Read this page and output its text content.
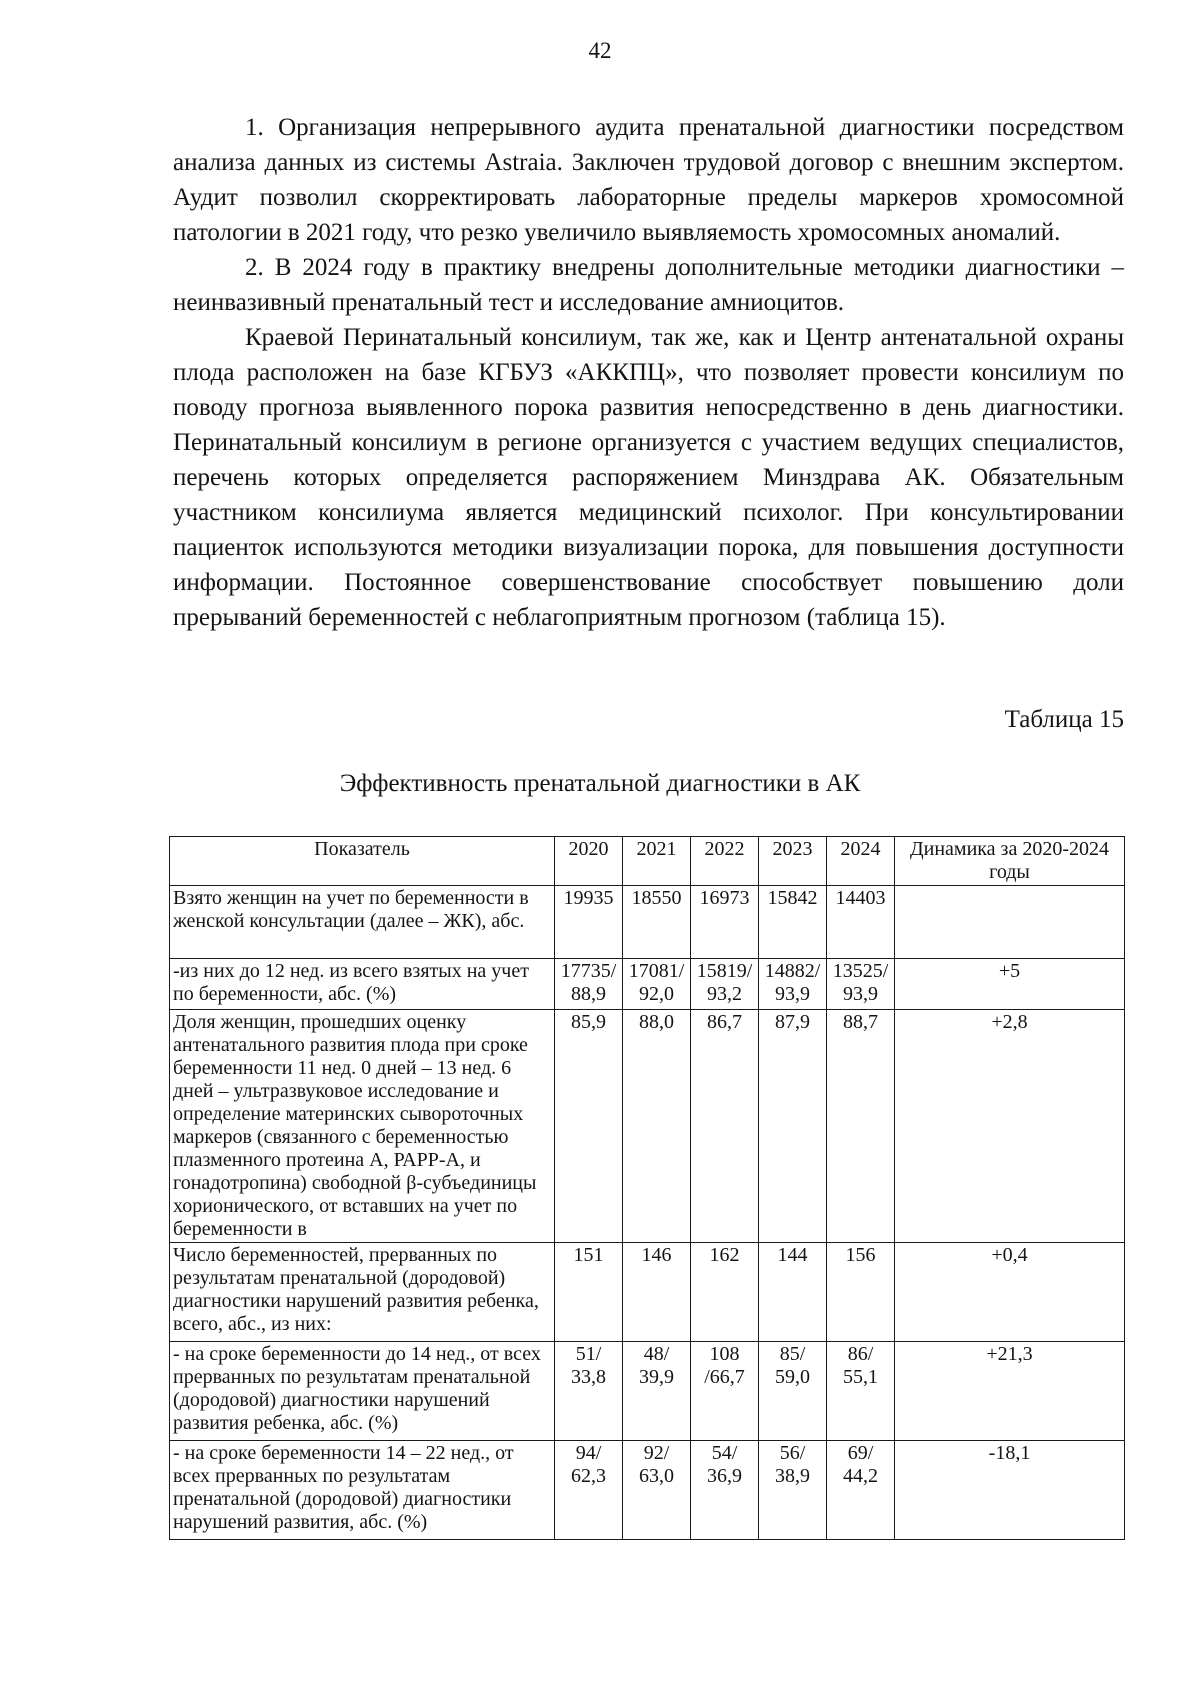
42

1. Организация непрерывного аудита пренатальной диагностики посредством анализа данных из системы Astraia. Заключен трудовой договор с внешним экспертом. Аудит позволил скорректировать лабораторные пределы маркеров хромосомной патологии в 2021 году, что резко увеличило выявляемость хромосомных аномалий.

2. В 2024 году в практику внедрены дополнительные методики диагностики – неинвазивный пренатальный тест и исследование амниоцитов.

Краевой Перинатальный консилиум, так же, как и Центр антенатальной охраны плода расположен на базе КГБУЗ «АККПЦ», что позволяет провести консилиум по поводу прогноза выявленного порока развития непосредственно в день диагностики. Перинатальный консилиум в регионе организуется с участием ведущих специалистов, перечень которых определяется распоряжением Минздрава АК. Обязательным участником консилиума является медицинский психолог. При консультировании пациенток используются методики визуализации порока, для повышения доступности информации. Постоянное совершенствование способствует повышению доли прерываний беременностей с неблагоприятным прогнозом (таблица 15).

Таблица 15
Эффективность пренатальной диагностики в АК
Показатель	2020	2021	2022	2023	2024	Динамика за 2020-2024 годы
Взято женщин на учет по беременности в женской консультации (далее – ЖК), абс.	19935	18550	16973	15842	14403	
-из них до 12 нед. из всего взятых на учет по беременности, абс. (%)	17735/ 88,9	17081/ 92,0	15819/ 93,2	14882/ 93,9	13525/ 93,9	+5
Доля женщин, прошедших оценку антенатального развития плода при сроке беременности 11 нед. 0 дней – 13 нед. 6 дней – ультразвуковое исследование и определение материнских сывороточных маркеров (связанного с беременностью плазменного протеина А, РАРР-А, и гонадотропина) свободной β-субъединицы хорионического, от вставших на учет по беременности в	85,9	88,0	86,7	87,9	88,7	+2,8
Число беременностей, прерванных по результатам пренатальной (дородовой) диагностики нарушений развития ребенка, всего, абс., из них:	151	146	162	144	156	+0,4
- на сроке беременности до 14 нед., от всех прерванных по результатам пренатальной (дородовой) диагностики нарушений развития ребенка, абс. (%)	51/ 33,8	48/ 39,9	108 /66,7	85/ 59,0	86/ 55,1	+21,3
- на сроке беременности 14 – 22 нед., от всех прерванных по результатам пренатальной (дородовой) диагностики нарушений развития, абс. (%)	94/ 62,3	92/ 63,0	54/ 36,9	56/ 38,9	69/ 44,2	-18,1
